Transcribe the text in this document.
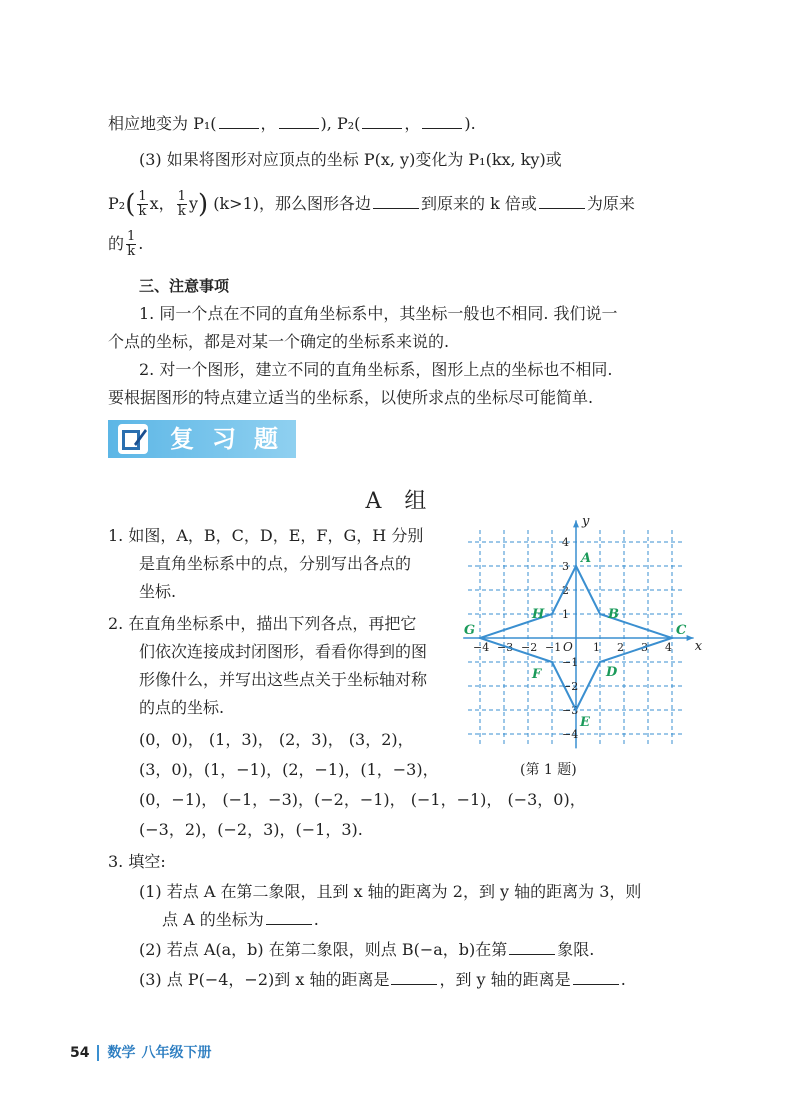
相应地变为 P₁(	，	), P₂(	，	).
(3) 如果将图形对应顶点的坐标 P(x, y)变化为 P₁(kx, ky)或
$P_2( \frac{1}{k}$ x， $\frac{1}{k} y$) (k>1)，那么图形各边	到原来的 k 倍或	为原来
的 $\frac{1}{k}$ .
三、注意事项
1. 同一个点在不同的直角坐标系中，其坐标一般也不相同. 我们说一
个点的坐标，都是对某一个确定的坐标系来说的.
2. 对一个图形，建立不同的直角坐标系，图形上点的坐标也不相同.
要根据图形的特点建立适当的坐标系，以使所求点的坐标尽可能简单.
复习题
A 组
1. 如图，A，B，C，D，E，F，G，H 分别
是直角坐标系中的点，分别写出各点的
坐标.
2. 在直角坐标系中，描出下列各点，再把它
们依次连接成封闭图形，看看你得到的图
形像什么，并写出这些点关于坐标轴对称
的点的坐标.
(0，0)， (1，3)， (2，3)， (3，2)，
(3，0)，(1，−1)，(2，−1)，(1，−3)，
(0，−1)， (−1，−3)，(−2，−1)， (−1，−1)， (−3，0)，
(−3，2)，(−2，3)，(−1，3).
3. 填空:
(1) 若点 A 在第二象限，且到 x 轴的距离为 2，到 y 轴的距离为 3，则
点 A 的坐标为	.
(2) 若点 A(a，b) 在第二象限，则点 B(−a，b)在第	象限.
(3) 点 P(−4，−2)到 x 轴的距离是	，到 y 轴的距离是	.
x
y
O
−4 −3 −2 −1	1 2 3 4
4
3
2
1
−1
−2
−3
−4
A
B
C
D
E
F
G
H
(第 1 题)
54 数学 八年级下册
